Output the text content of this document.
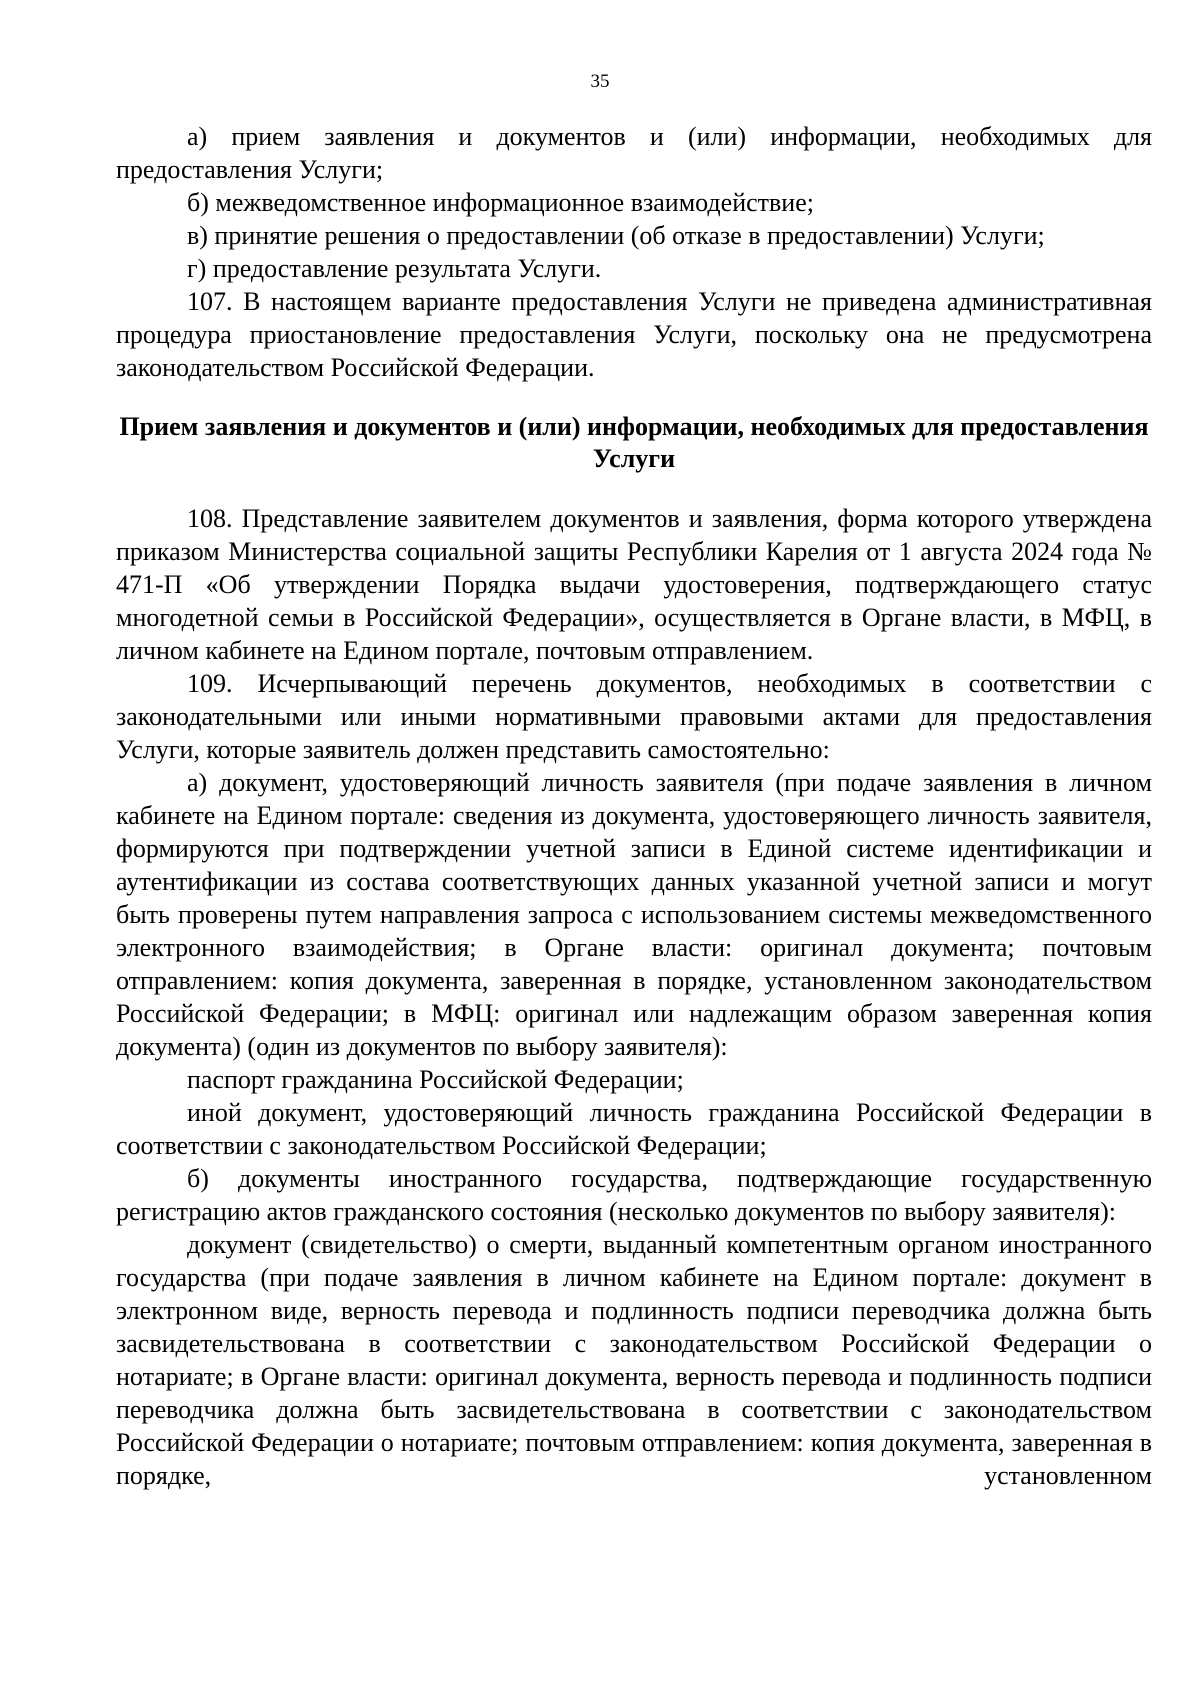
35

а) прием заявления и документов и (или) информации, необходимых для предоставления Услуги;

б) межведомственное информационное взаимодействие;

в) принятие решения о предоставлении (об отказе в предоставлении) Услуги;

г) предоставление результата Услуги.

107. В настоящем варианте предоставления Услуги не приведена административная процедура приостановление предоставления Услуги, поскольку она не предусмотрена законодательством Российской Федерации.

Прием заявления и документов и (или) информации, необходимых для предоставления Услуги

108. Представление заявителем документов и заявления, форма которого утверждена приказом Министерства социальной защиты Республики Карелия от 1 августа 2024 года № 471-П «Об утверждении Порядка выдачи удостоверения, подтверждающего статус многодетной семьи в Российской Федерации», осуществляется в Органе власти, в МФЦ, в личном кабинете на Едином портале, почтовым отправлением.

109. Исчерпывающий перечень документов, необходимых в соответствии с законодательными или иными нормативными правовыми актами для предоставления Услуги, которые заявитель должен представить самостоятельно:

а) документ, удостоверяющий личность заявителя (при подаче заявления в личном кабинете на Едином портале: сведения из документа, удостоверяющего личность заявителя, формируются при подтверждении учетной записи в Единой системе идентификации и аутентификации из состава соответствующих данных указанной учетной записи и могут быть проверены путем направления запроса с использованием системы межведомственного электронного взаимодействия; в Органе власти: оригинал документа; почтовым отправлением: копия документа, заверенная в порядке, установленном законодательством Российской Федерации; в МФЦ: оригинал или надлежащим образом заверенная копия документа) (один из документов по выбору заявителя):

паспорт гражданина Российской Федерации;

иной документ, удостоверяющий личность гражданина Российской Федерации в соответствии с законодательством Российской Федерации;

б) документы иностранного государства, подтверждающие государственную регистрацию актов гражданского состояния (несколько документов по выбору заявителя):

документ (свидетельство) о смерти, выданный компетентным органом иностранного государства (при подаче заявления в личном кабинете на Едином портале: документ в электронном виде, верность перевода и подлинность подписи переводчика должна быть засвидетельствована в соответствии с законодательством Российской Федерации о нотариате; в Органе власти: оригинал документа, верность перевода и подлинность подписи переводчика должна быть засвидетельствована в соответствии с законодательством Российской Федерации о нотариате; почтовым отправлением: копия документа, заверенная в порядке, установленном
